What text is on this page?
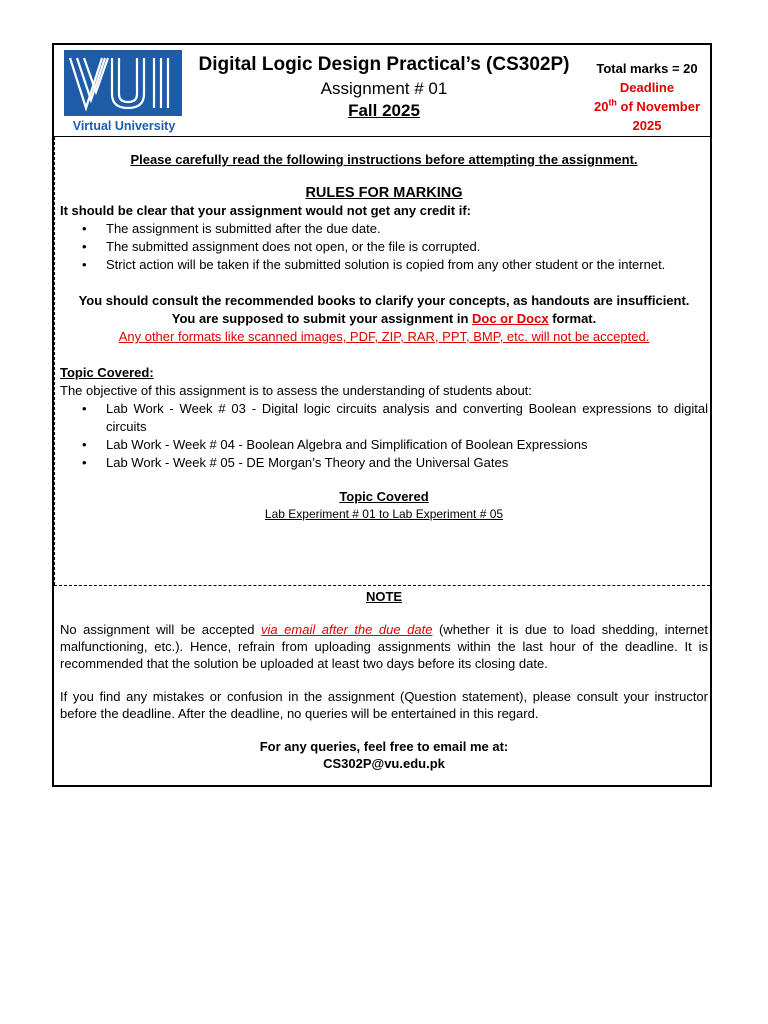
Virtual University
Digital Logic Design Practical’s (CS302P)
Assignment # 01
Fall 2025
Total marks = 20
Deadline
20th of November
2025
Please carefully read the following instructions before attempting the assignment.
RULES FOR MARKING
It should be clear that your assignment would not get any credit if:
• The assignment is submitted after the due date.
• The submitted assignment does not open, or the file is corrupted.
• Strict action will be taken if the submitted solution is copied from any other student or the internet.
You should consult the recommended books to clarify your concepts, as handouts are insufficient.
You are supposed to submit your assignment in Doc or Docx format.
Any other formats like scanned images, PDF, ZIP, RAR, PPT, BMP, etc. will not be accepted.
Topic Covered:
The objective of this assignment is to assess the understanding of students about:
• Lab Work - Week # 03 - Digital logic circuits analysis and converting Boolean expressions to digital circuits
• Lab Work - Week # 04 - Boolean Algebra and Simplification of Boolean Expressions
• Lab Work - Week # 05 - DE Morgan’s Theory and the Universal Gates
Topic Covered
Lab Experiment # 01 to Lab Experiment # 05
NOTE
No assignment will be accepted via email after the due date (whether it is due to load shedding, internet malfunctioning, etc.). Hence, refrain from uploading assignments within the last hour of the deadline. It is recommended that the solution be uploaded at least two days before its closing date.
If you find any mistakes or confusion in the assignment (Question statement), please consult your instructor before the deadline. After the deadline, no queries will be entertained in this regard.
For any queries, feel free to email me at:
CS302P@vu.edu.pk
